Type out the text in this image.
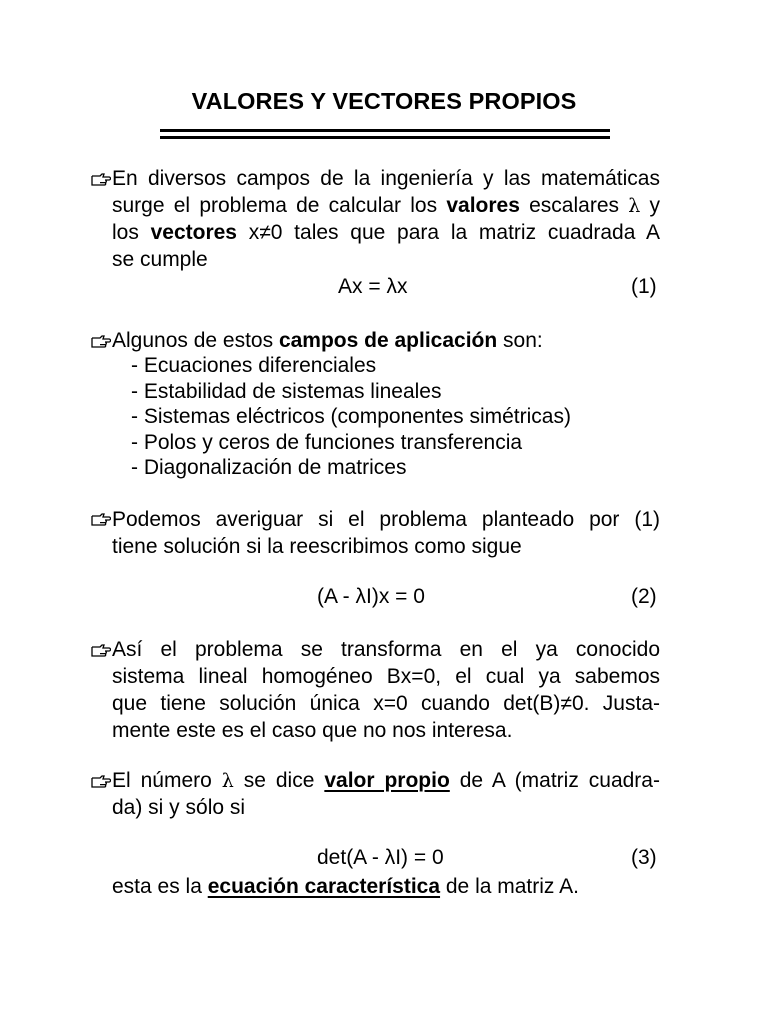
VALORES Y VECTORES PROPIOS
En diversos campos de la ingeniería y las matemáticas
surge el problema de calcular los valores escalares λ y
los vectores x≠0 tales que para la matriz cuadrada A
se cumple
Ax = λx	(1)
Algunos de estos campos de aplicación son:
- Ecuaciones diferenciales
- Estabilidad de sistemas lineales
- Sistemas eléctricos (componentes simétricas)
- Polos y ceros de funciones transferencia
- Diagonalización de matrices
Podemos averiguar si el problema planteado por (1)
tiene solución si la reescribimos como sigue
(A - λI)x = 0	(2)
Así el problema se transforma en el ya conocido
sistema lineal homogéneo Bx=0, el cual ya sabemos
que tiene solución única x=0 cuando det(B)≠0. Justa-
mente este es el caso que no nos interesa.
El número λ se dice valor propio de A (matriz cuadra-
da) si y sólo si
det(A - λI) = 0	(3)
esta es la ecuación característica de la matriz A.
